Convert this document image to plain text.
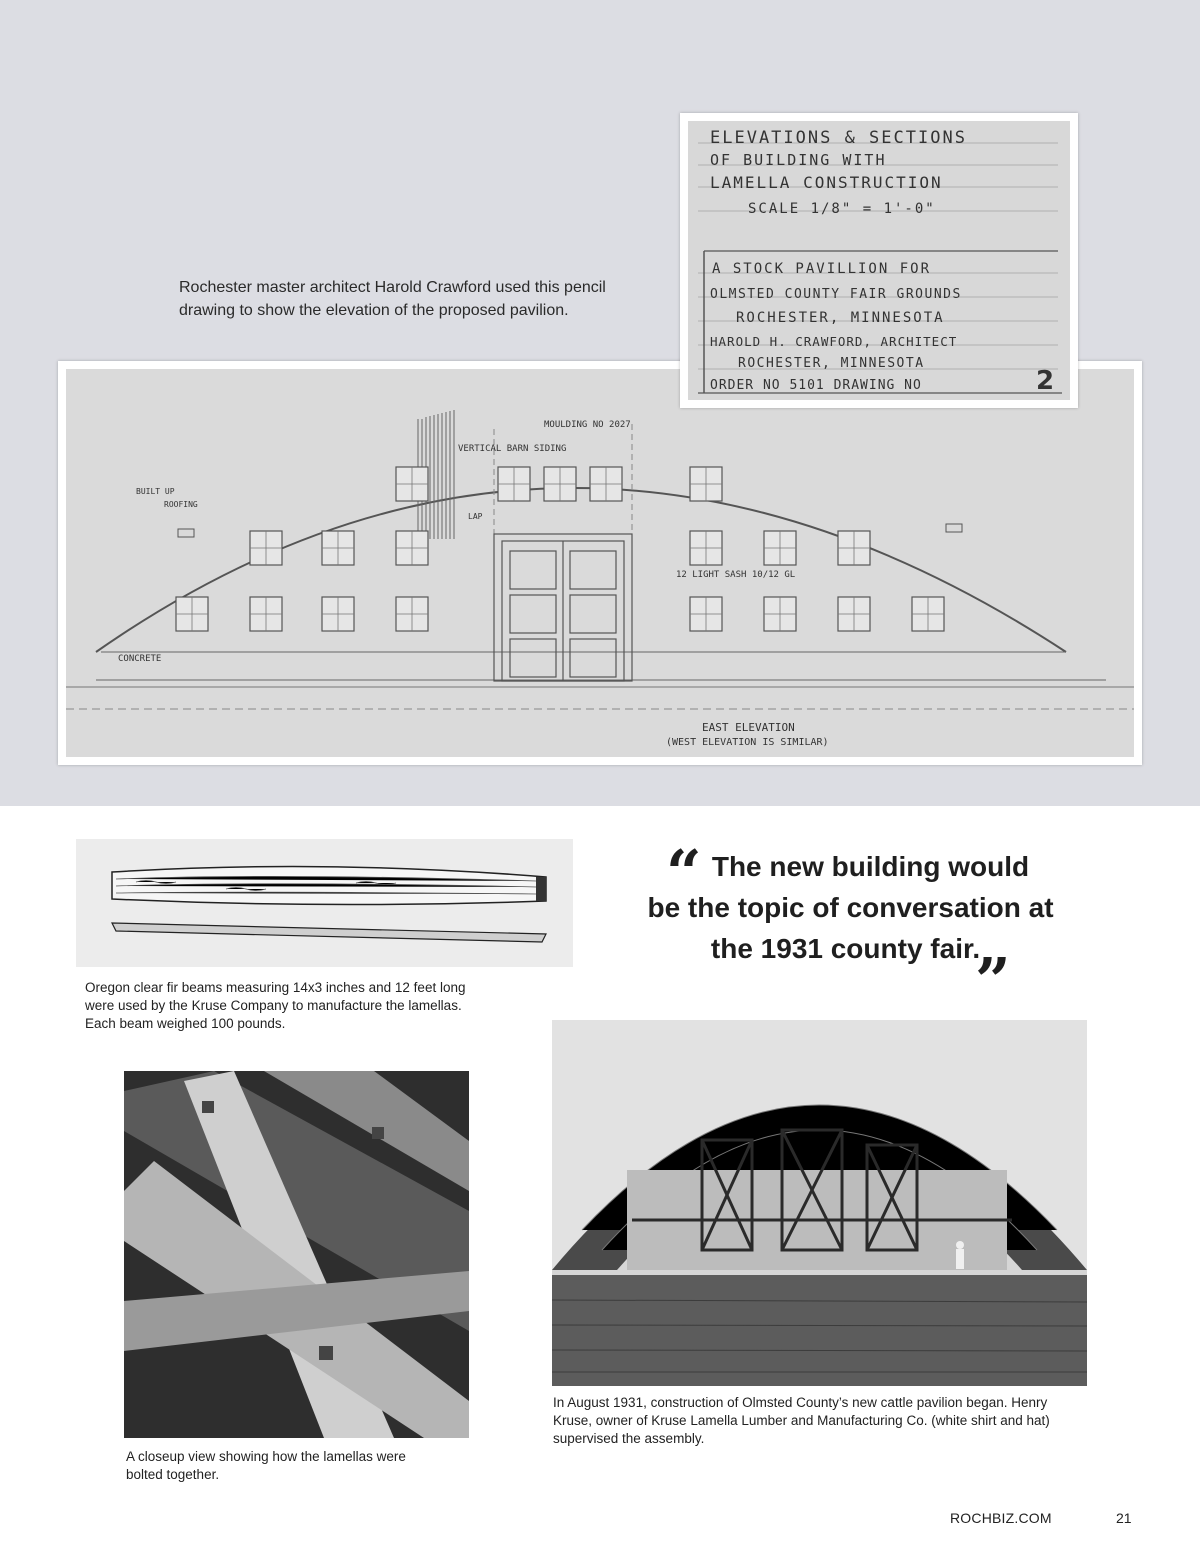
Rochester master architect Harold Crawford used this pencil drawing to show the elevation of the proposed pavilion.
MOULDING NO 2027
VERTICAL BARN SIDING
BUILT UP
ROOFING
LAP
12 LIGHT SASH 10/12 GL
CONCRETE
EAST ELEVATION
(WEST ELEVATION IS SIMILAR)
ELEVATIONS & SECTIONS
OF BUILDING WITH
LAMELLA CONSTRUCTION
SCALE 1/8" = 1'-0"
A STOCK PAVILLION FOR
OLMSTED COUNTY FAIR GROUNDS
ROCHESTER, MINNESOTA
HAROLD H. CRAWFORD, ARCHITECT
ROCHESTER, MINNESOTA
ORDER NO 5101 DRAWING NO	2
Oregon clear fir beams measuring 14x3 inches and 12 feet long were used by the Kruse Company to manufacture the lamellas. Each beam weighed 100 pounds.
“ The new building would
be the topic of conversation at
the 1931 county fair.
”
A closeup view showing how the lamellas were bolted together.
In August 1931, construction of Olmsted County’s new cattle pavilion began. Henry Kruse, owner of Kruse Lamella Lumber and Manufacturing Co. (white shirt and hat) supervised the assembly.
ROCHBIZ.COM	21
